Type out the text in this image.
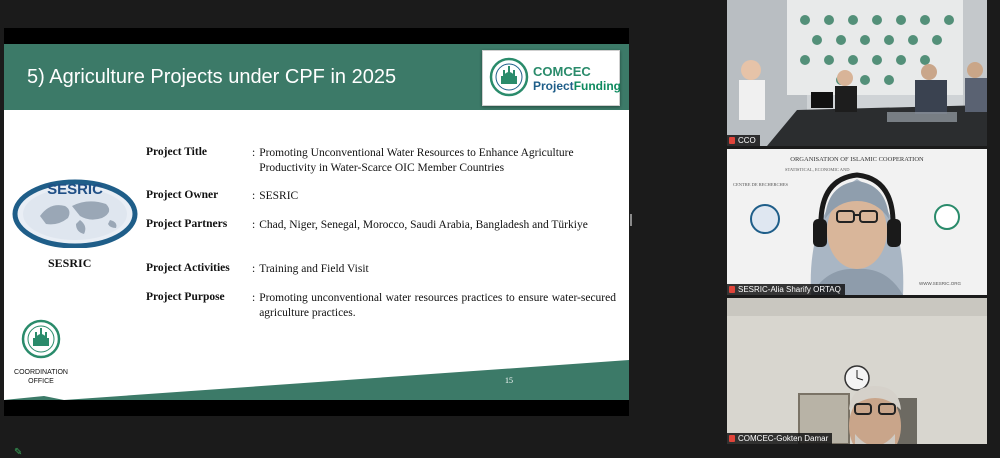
5) Agriculture Projects under CPF in 2025	COMCEC
ProjectFunding
SESRIC
SESRIC
COORDINATION OFFICE
Project Title	: Promoting Unconventional Water Resources to Enhance Agriculture Productivity in Water-Scarce OIC Member Countries
Project Owner	: SESRIC
Project Partners	: Chad, Niger, Senegal, Morocco, Saudi Arabia, Bangladesh and Türkiye
Project Activities	: Training and Field Visit
Project Purpose	: Promoting unconventional water resources practices to ensure water-secured agriculture practices.
15
✎
CCO
ORGANISATION OF ISLAMIC COOPERATION
STATISTICAL, ECONOMIC AND
CENTRE DE RECHERCHES
WWW.SESRIC.ORG
SESRIC-Alia Sharify ORTAQ
COMCEC-Gokten Damar
